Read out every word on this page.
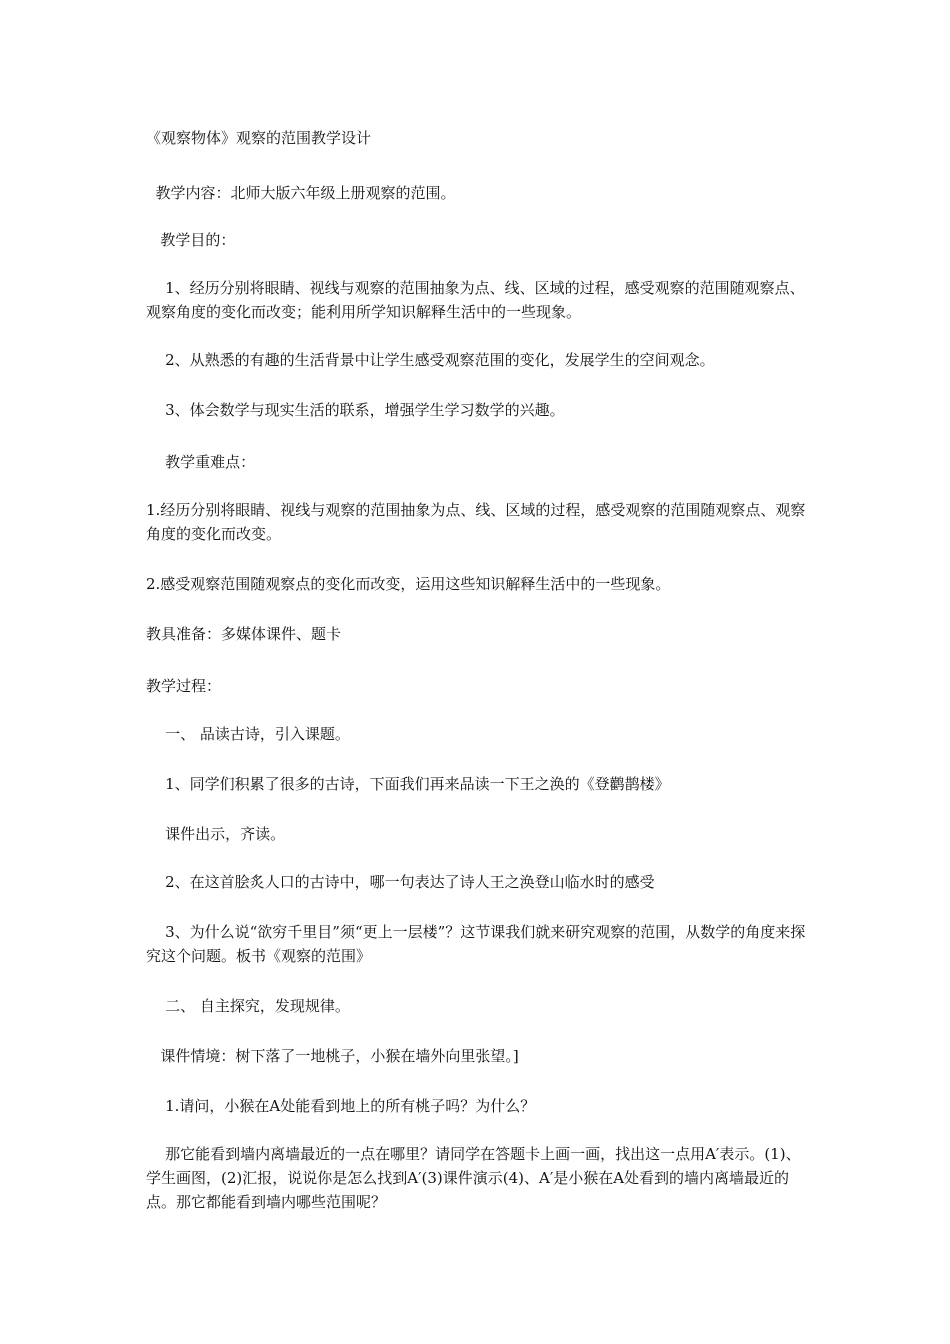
《观察物体》观察的范围教学设计

教学内容：北师大版六年级上册观察的范围。

教学目的：

1、经历分别将眼睛、视线与观察的范围抽象为点、线、区域的过程，感受观察的范围随观察点、观察角度的变化而改变；能利用所学知识解释生活中的一些现象。

2、从熟悉的有趣的生活背景中让学生感受观察范围的变化，发展学生的空间观念。

3、体会数学与现实生活的联系，增强学生学习数学的兴趣。

教学重难点：

1.经历分别将眼睛、视线与观察的范围抽象为点、线、区域的过程，感受观察的范围随观察点、观察角度的变化而改变。

2.感受观察范围随观察点的变化而改变，运用这些知识解释生活中的一些现象。

教具准备：多媒体课件、题卡

教学过程：

一、 品读古诗，引入课题。

1、同学们积累了很多的古诗，下面我们再来品读一下王之涣的《登鹳鹊楼》

课件出示，齐读。

2、在这首脍炙人口的古诗中，哪一句表达了诗人王之涣登山临水时的感受

3、为什么说“欲穷千里目”须“更上一层楼”？这节课我们就来研究观察的范围，从数学的角度来探究这个问题。板书《观察的范围》

二、 自主探究，发现规律。

课件情境：树下落了一地桃子，小猴在墙外向里张望。]

1.请问，小猴在A处能看到地上的所有桃子吗？为什么？

那它能看到墙内离墙最近的一点在哪里？请同学在答题卡上画一画，找出这一点用A′表示。(1)、学生画图，(2)汇报，说说你是怎么找到A′(3)课件演示(4)、A′是小猴在A处看到的墙内离墙最近的点。那它都能看到墙内哪些范围呢？
